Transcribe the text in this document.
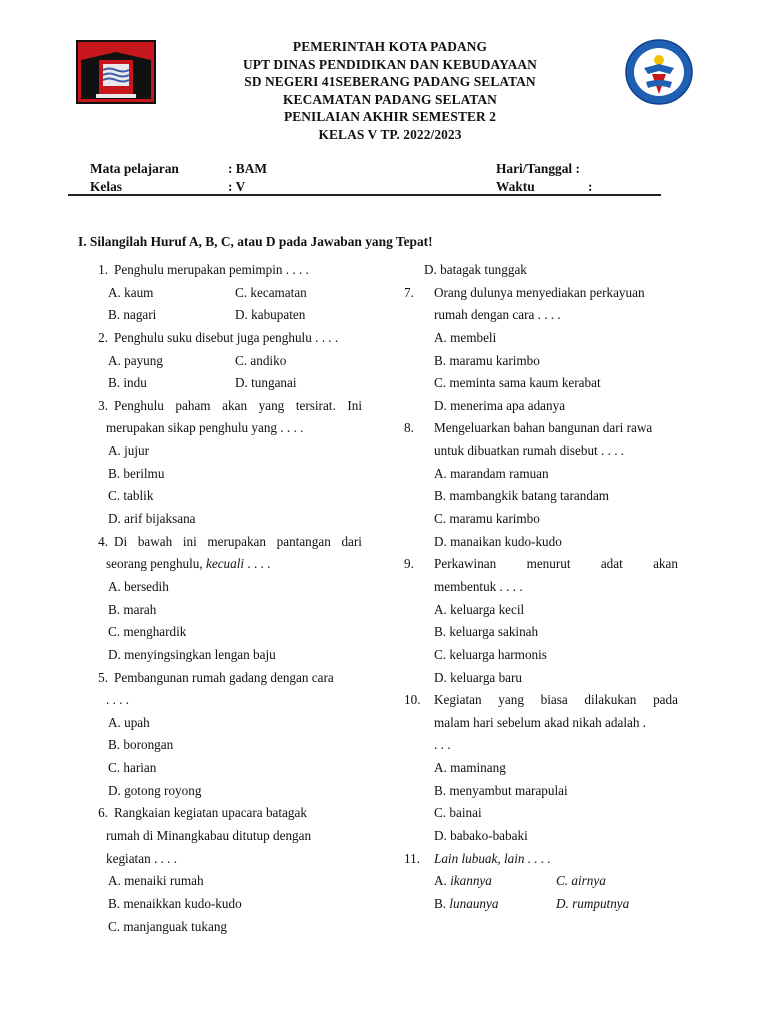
PEMERINTAH KOTA PADANG
UPT DINAS PENDIDIKAN DAN KEBUDAYAAN
SD NEGERI 41SEBERANG PADANG SELATAN
KECAMATAN PADANG SELATAN
PENILAIAN AKHIR SEMESTER 2
KELAS V TP. 2022/2023
Mata pelajaran	: BAM
Kelas	: V
Hari/Tanggal :
Waktu	:
I. Silangilah Huruf A, B, C, atau D pada Jawaban yang Tepat!
1. Penghulu merupakan pemimpin . . . .
A. kaum	C. kecamatan
B. nagari	D. kabupaten
2. Penghulu suku disebut juga penghulu . . . .
A. payung	C. andiko
B. indu	D. tunganai
3. Penghulu paham akan yang tersirat. Ini
merupakan sikap penghulu yang . . . .
A. jujur
B. berilmu
C. tablik
D. arif bijaksana
4. Di bawah ini merupakan pantangan dari
seorang penghulu, kecuali . . . .
A. bersedih
B. marah
C. menghardik
D. menyingsingkan lengan baju
5. Pembangunan rumah gadang dengan cara
. . . .
A. upah
B. borongan
C. harian
D. gotong royong
6. Rangkaian kegiatan upacara batagak
rumah di Minangkabau ditutup dengan
kegiatan . . . .
A. menaiki rumah
B. menaikkan kudo-kudo
C. manjanguak tukang
D. batagak tunggak
7.	Orang dulunya menyediakan perkayuan
rumah dengan cara . . . .
A. membeli
B. maramu karimbo
C. meminta sama kaum kerabat
D. menerima apa adanya
8.	Mengeluarkan bahan bangunan dari rawa
untuk dibuatkan rumah disebut . . . .
A. marandam ramuan
B. mambangkik batang tarandam
C. maramu karimbo
D. manaikan kudo-kudo
9.	Perkawinan menurut adat akan
membentuk . . . .
A. keluarga kecil
B. keluarga sakinah
C. keluarga harmonis
D. keluarga baru
10.	Kegiatan yang biasa dilakukan pada
malam hari sebelum akad nikah adalah .
. . .
A. maminang
B. menyambut marapulai
C. bainai
D. babako-babaki
11.	Lain lubuak, lain . . . .
A. ikannya	C. airnya
B. lunaunya	D. rumputnya
